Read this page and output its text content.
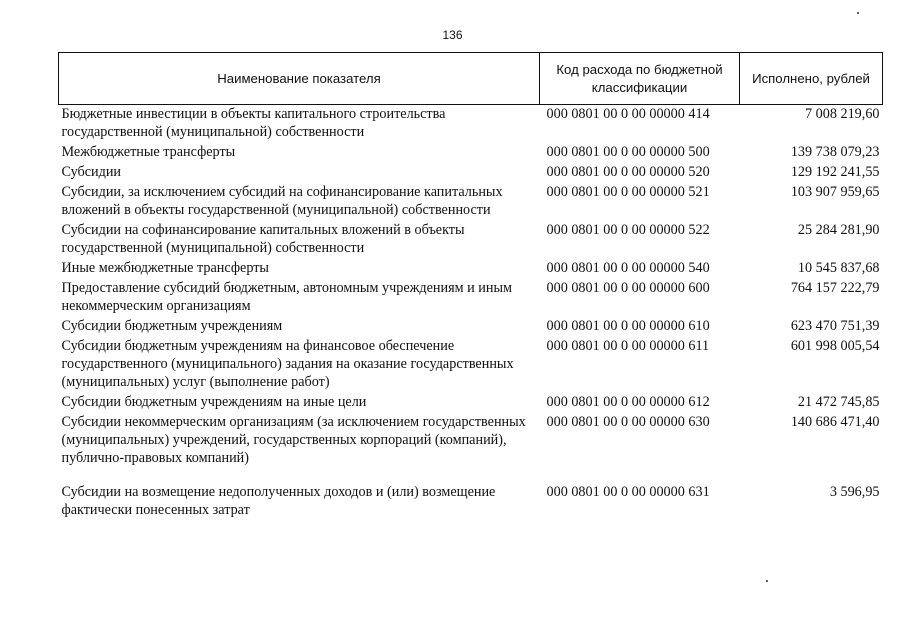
136
Наименование показателя	Код расхода по бюджетной классификации	Исполнено, рублей
Бюджетные инвестиции в объекты капитального строительства государственной (муниципальной) собственности	000 0801 00 0 00 00000 414	7 008 219,60
Межбюджетные трансферты	000 0801 00 0 00 00000 500	139 738 079,23
Субсидии	000 0801 00 0 00 00000 520	129 192 241,55
Субсидии, за исключением субсидий на софинансирование капитальных вложений в объекты государственной (муниципальной) собственности	000 0801 00 0 00 00000 521	103 907 959,65
Субсидии на софинансирование капитальных вложений в объекты государственной (муниципальной) собственности	000 0801 00 0 00 00000 522	25 284 281,90
Иные межбюджетные трансферты	000 0801 00 0 00 00000 540	10 545 837,68
Предоставление субсидий бюджетным, автономным учреждениям и иным некоммерческим организациям	000 0801 00 0 00 00000 600	764 157 222,79
Субсидии бюджетным учреждениям	000 0801 00 0 00 00000 610	623 470 751,39
Субсидии бюджетным учреждениям на финансовое обеспечение государственного (муниципального) задания на оказание государственных (муниципальных) услуг (выполнение работ)	000 0801 00 0 00 00000 611	601 998 005,54
Субсидии бюджетным учреждениям на иные цели	000 0801 00 0 00 00000 612	21 472 745,85
Субсидии некоммерческим организациям (за исключением государственных (муниципальных) учреждений, государственных корпораций (компаний), публично-правовых компаний)	000 0801 00 0 00 00000 630	140 686 471,40
Субсидии на возмещение недополученных доходов и (или) возмещение фактически понесенных затрат	000 0801 00 0 00 00000 631	3 596,95
